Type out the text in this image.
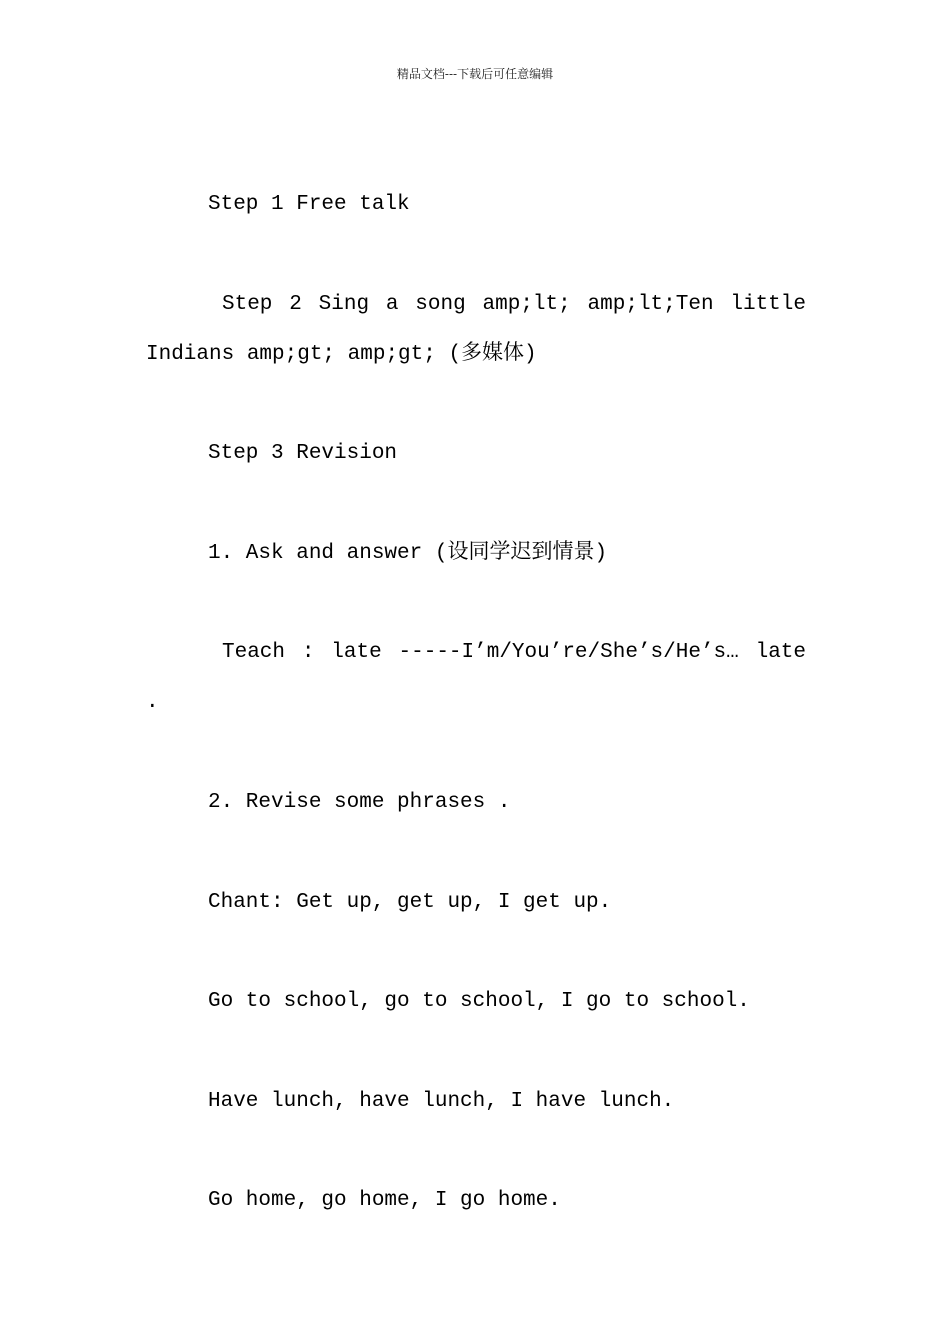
精品文档---下载后可任意编辑

Step 1 Free talk

Step 2 Sing a song amp;lt; amp;lt;Ten little Indians amp;gt; amp;gt; (多媒体)

Step 3 Revision

1. Ask and answer (设同学迟到情景)

Teach : late -----I’m/You’re/She’s/He’s… late .

2. Revise some phrases .

Chant: Get up, get up, I get up.

Go to school, go to school, I go to school.

Have lunch, have lunch, I have lunch.

Go home, go home, I go home.
